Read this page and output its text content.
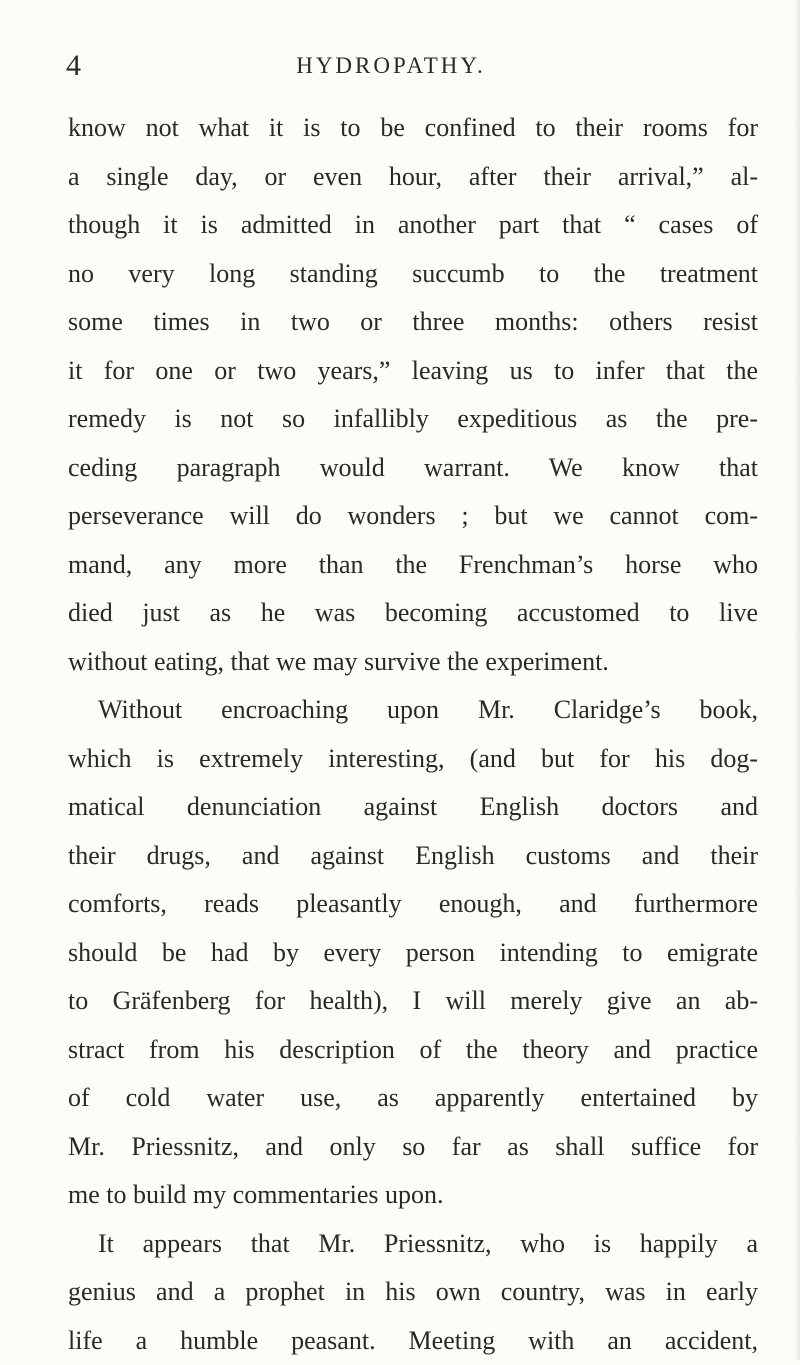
4	HYDROPATHY.
know not what it is to be confined to their rooms for
a single day, or even hour, after their arrival,” al-
though it is admitted in another part that “ cases of
no very long standing succumb to the treatment
some times in two or three months: others resist
it for one or two years,” leaving us to infer that the
remedy is not so infallibly expeditious as the pre-
ceding paragraph would warrant. We know that
perseverance will do wonders ; but we cannot com-
mand, any more than the Frenchman’s horse who
died just as he was becoming accustomed to live
without eating, that we may survive the experiment.
Without encroaching upon Mr. Claridge’s book,
which is extremely interesting, (and but for his dog-
matical denunciation against English doctors and
their drugs, and against English customs and their
comforts, reads pleasantly enough, and furthermore
should be had by every person intending to emigrate
to Gräfenberg for health), I will merely give an ab-
stract from his description of the theory and practice
of cold water use, as apparently entertained by
Mr. Priessnitz, and only so far as shall suffice for
me to build my commentaries upon.
It appears that Mr. Priessnitz, who is happily a
genius and a prophet in his own country, was in early
life a humble peasant. Meeting with an accident,
